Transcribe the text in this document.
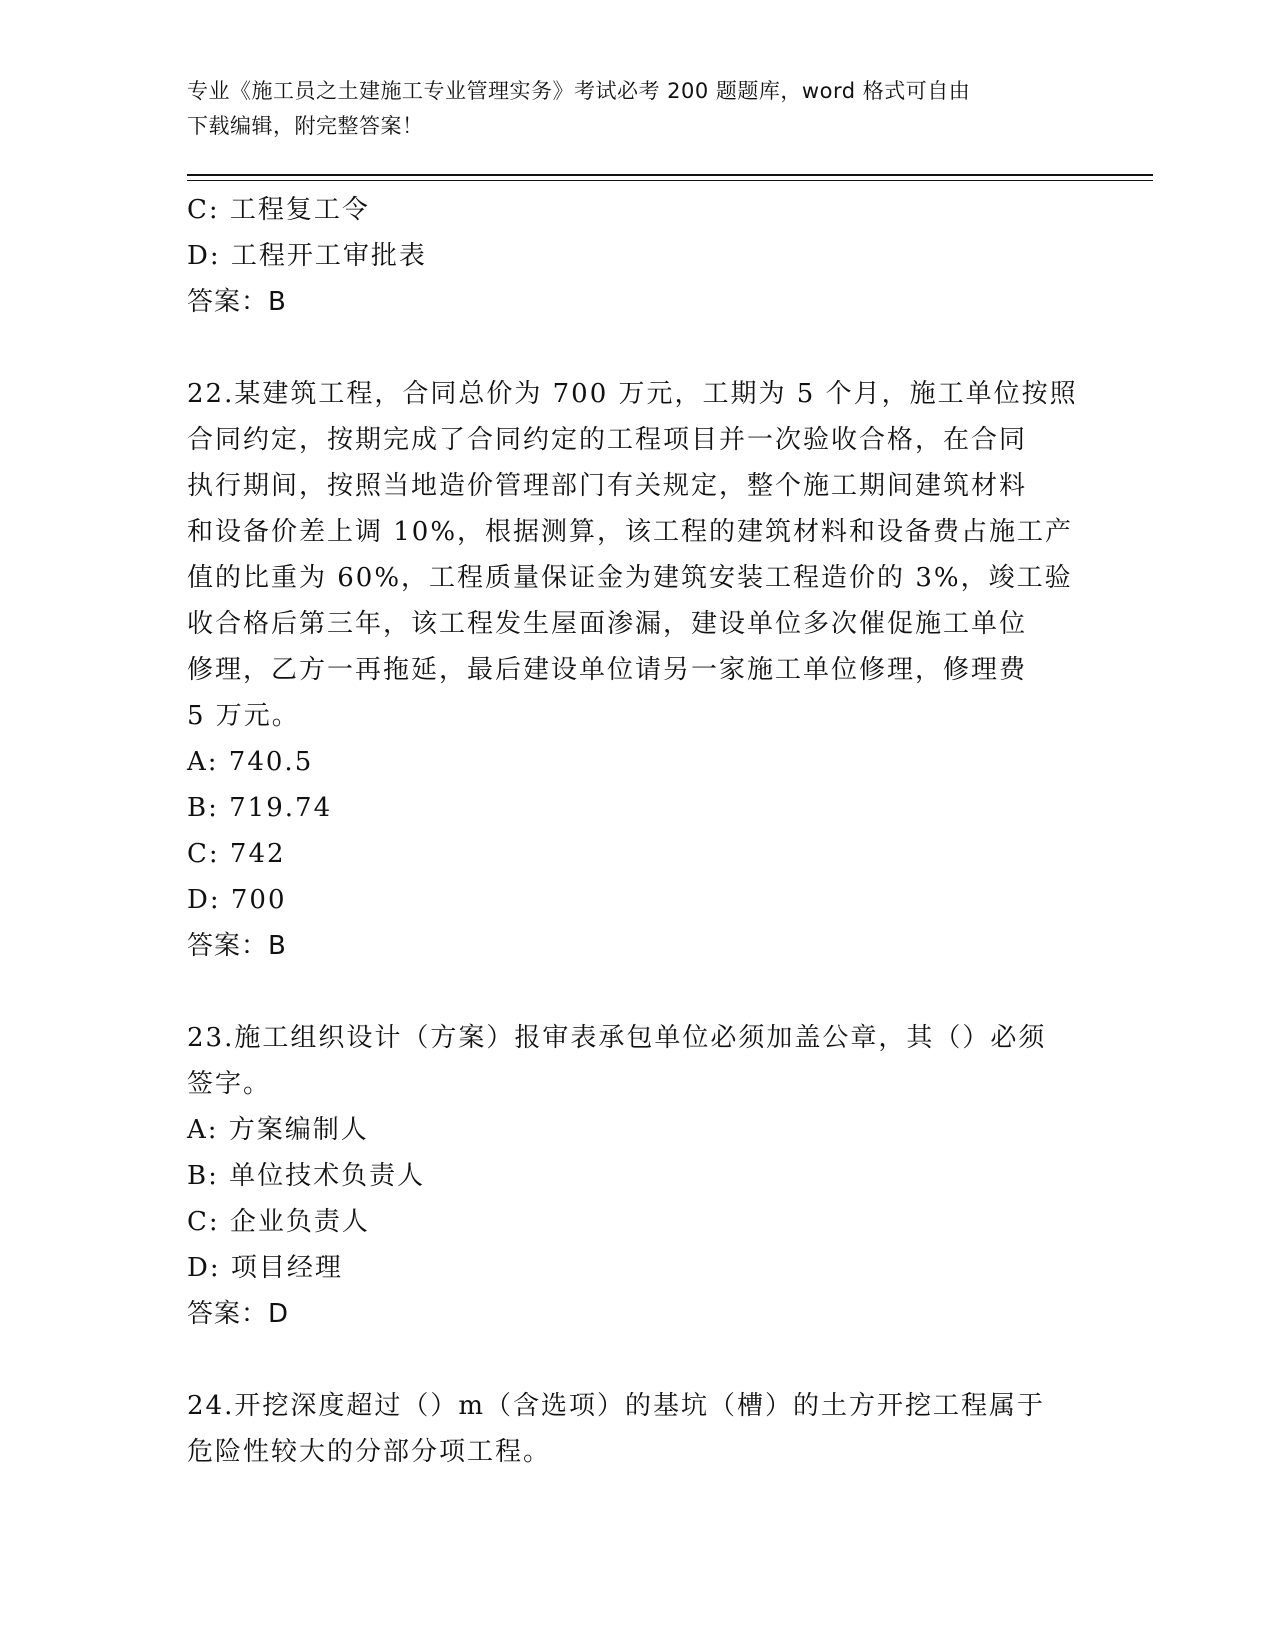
专业《施工员之土建施工专业管理实务》考试必考 200 题题库，word 格式可自由
下载编辑，附完整答案！
C: 工程复工令
D: 工程开工审批表
答案：B
22.某建筑工程，合同总价为 700 万元，工期为 5 个月，施工单位按照
合同约定，按期完成了合同约定的工程项目并一次验收合格，在合同
执行期间，按照当地造价管理部门有关规定，整个施工期间建筑材料
和设备价差上调 10%，根据测算，该工程的建筑材料和设备费占施工产
值的比重为 60%，工程质量保证金为建筑安装工程造价的 3%，竣工验
收合格后第三年，该工程发生屋面渗漏，建设单位多次催促施工单位
修理，乙方一再拖延，最后建设单位请另一家施工单位修理，修理费
5 万元。
A: 740.5
B: 719.74
C: 742
D: 700
答案：B
23.施工组织设计（方案）报审表承包单位必须加盖公章，其（）必须
签字。
A: 方案编制人
B: 单位技术负责人
C: 企业负责人
D: 项目经理
答案：D
24.开挖深度超过（）m（含选项）的基坑（槽）的土方开挖工程属于
危险性较大的分部分项工程。
